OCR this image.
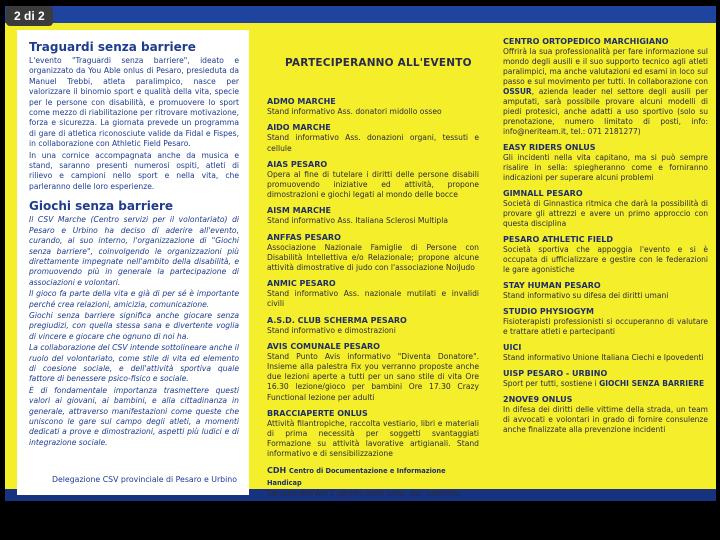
Traguardi senza barriere

L'evento "Traguardi senza barriere", ideato e organizzato da You Able onlus di Pesaro, presieduta da Manuel Trebbi, atleta paralimpico, nasce per valorizzare il binomio sport e qualità della vita, specie per le persone con disabilità, e promuovere lo sport come mezzo di riabilitazione per ritrovare motivazione, forza e sicurezza. La giornata prevede un programma di gare di atletica riconosciute valide da Fidal e Fispes, in collaborazione con Athletic Field Pesaro.

In una cornice accompagnata anche da musica e stand, saranno presenti numerosi ospiti, atleti di rilievo e campioni nello sport e nella vita, che parleranno delle loro esperienze.

Giochi senza barriere

Il CSV Marche (Centro servizi per il volontariato) di Pesaro e Urbino ha deciso di aderire all'evento, curando, al suo interno, l'organizzazione di "Giochi senza barriere", coinvolgendo le organizzazioni più direttamente impegnate nell'ambito della disabilità, e promuovendo più in generale la partecipazione di associazioni e volontari.

Il gioco fa parte della vita e già di per sé è importante perché crea relazioni, amicizia, comunicazione.

Giochi senza barriere significa anche giocare senza pregiudizi, con quella stessa sana e divertente voglia di vincere e giocare che ognuno di noi ha.

La collaborazione del CSV intende sottolineare anche il ruolo del volontariato, come stile di vita ed elemento di coesione sociale, e dell'attività sportiva quale fattore di benessere psico-fisico e sociale.

È di fondamentale importanza trasmettere questi valori ai giovani, ai bambini, e alla cittadinanza in generale, attraverso manifestazioni come queste che uniscono le gare sul campo degli atleti, a momenti dedicati a prove e dimostrazioni, aspetti più ludici e di integrazione sociale.

Delegazione CSV provinciale di Pesaro e Urbino
PARTECIPERANNO ALL'EVENTO
ADMO MARCHE
Stand informativo Ass. donatori midollo osseo
AIDO MARCHE
Stand informativo Ass. donazioni organi, tessuti e cellule
AIAS PESARO
Opera al fine di tutelare i diritti delle persone disabili promuovendo iniziative ed attività, propone dimostrazioni e giochi legati al mondo delle bocce
AISM MARCHE
Stand informativo Ass. Italiana Sclerosi Multipla
ANFFAS PESARO
Associazione Nazionale Famiglie di Persone con Disabilità Intellettiva e/o Relazionale; propone alcune attività dimostrative di judo con l'associazione NoiJudo
ANMIC PESARO
Stand informativo Ass. nazionale mutilati e invalidi civili
A.S.D. CLUB SCHERMA PESARO
Stand informativo e dimostrazioni
AVIS COMUNALE PESARO
Stand Punto Avis informativo "Diventa Donatore". Insieme alla palestra Fix you verranno proposte anche due lezioni aperte a tutti per un sano stile di vita Ore 16.30 lezione/gioco per bambini Ore 17.30 Crazy Functional lezione per adulti
BRACCIAPERTE ONLUS
Attività filantropiche, raccolta vestiario, libri e materiali di prima necessità per soggetti svantaggiati Formazione su attività lavorative artigianali. Stand informativo e di sensibilizzazione
CDH Centro di Documentazione e Informazione Handicap
Servizio dell'Ats 1 gestito dalla coop. soc. Labirinto
CENTRO ORTOPEDICO MARCHIGIANO
Offrirà la sua professionalità per fare informazione sul mondo degli ausili e il suo supporto tecnico agli atleti paralimpici, ma anche valutazioni ed esami in loco sul passo e sul movimento per tutti. In collaborazione con OSSUR, azienda leader nel settore degli ausili per amputati, sarà possibile provare alcuni modelli di piedi protesici, anche adatti a uso sportivo (solo su prenotazione, numero limitato di posti, info: info@neriteam.it, tel.: 071 2181277)
EASY RIDERS ONLUS
Gli incidenti nella vita capitano, ma si può sempre risalire in sella: spiegheranno come e forniranno indicazioni per superare alcuni problemi
GIMNALL PESARO
Società di Ginnastica ritmica che darà la possibilità di provare gli attrezzi e avere un primo approccio con questa disciplina
PESARO ATHLETIC FIELD
Società sportiva che appoggia l'evento e si è occupata di ufficializzare e gestire con le federazioni le gare agonistiche
STAY HUMAN PESARO
Stand informativo su difesa dei diritti umani
STUDIO PHYSIOGYM
Fisioterapisti professionisti si occuperanno di valutare e trattare atleti e partecipanti
UICI
Stand informativo Unione Italiana Ciechi e Ipovedenti
UISP PESARO - URBINO
Sport per tutti, sostiene i GIOCHI SENZA BARRIERE
2NOVE9 ONLUS
In difesa dei diritti delle vittime della strada, un team di avvocati e volontari in grado di fornire consulenze anche finalizzate alla prevenzione incidenti
2 di 2
